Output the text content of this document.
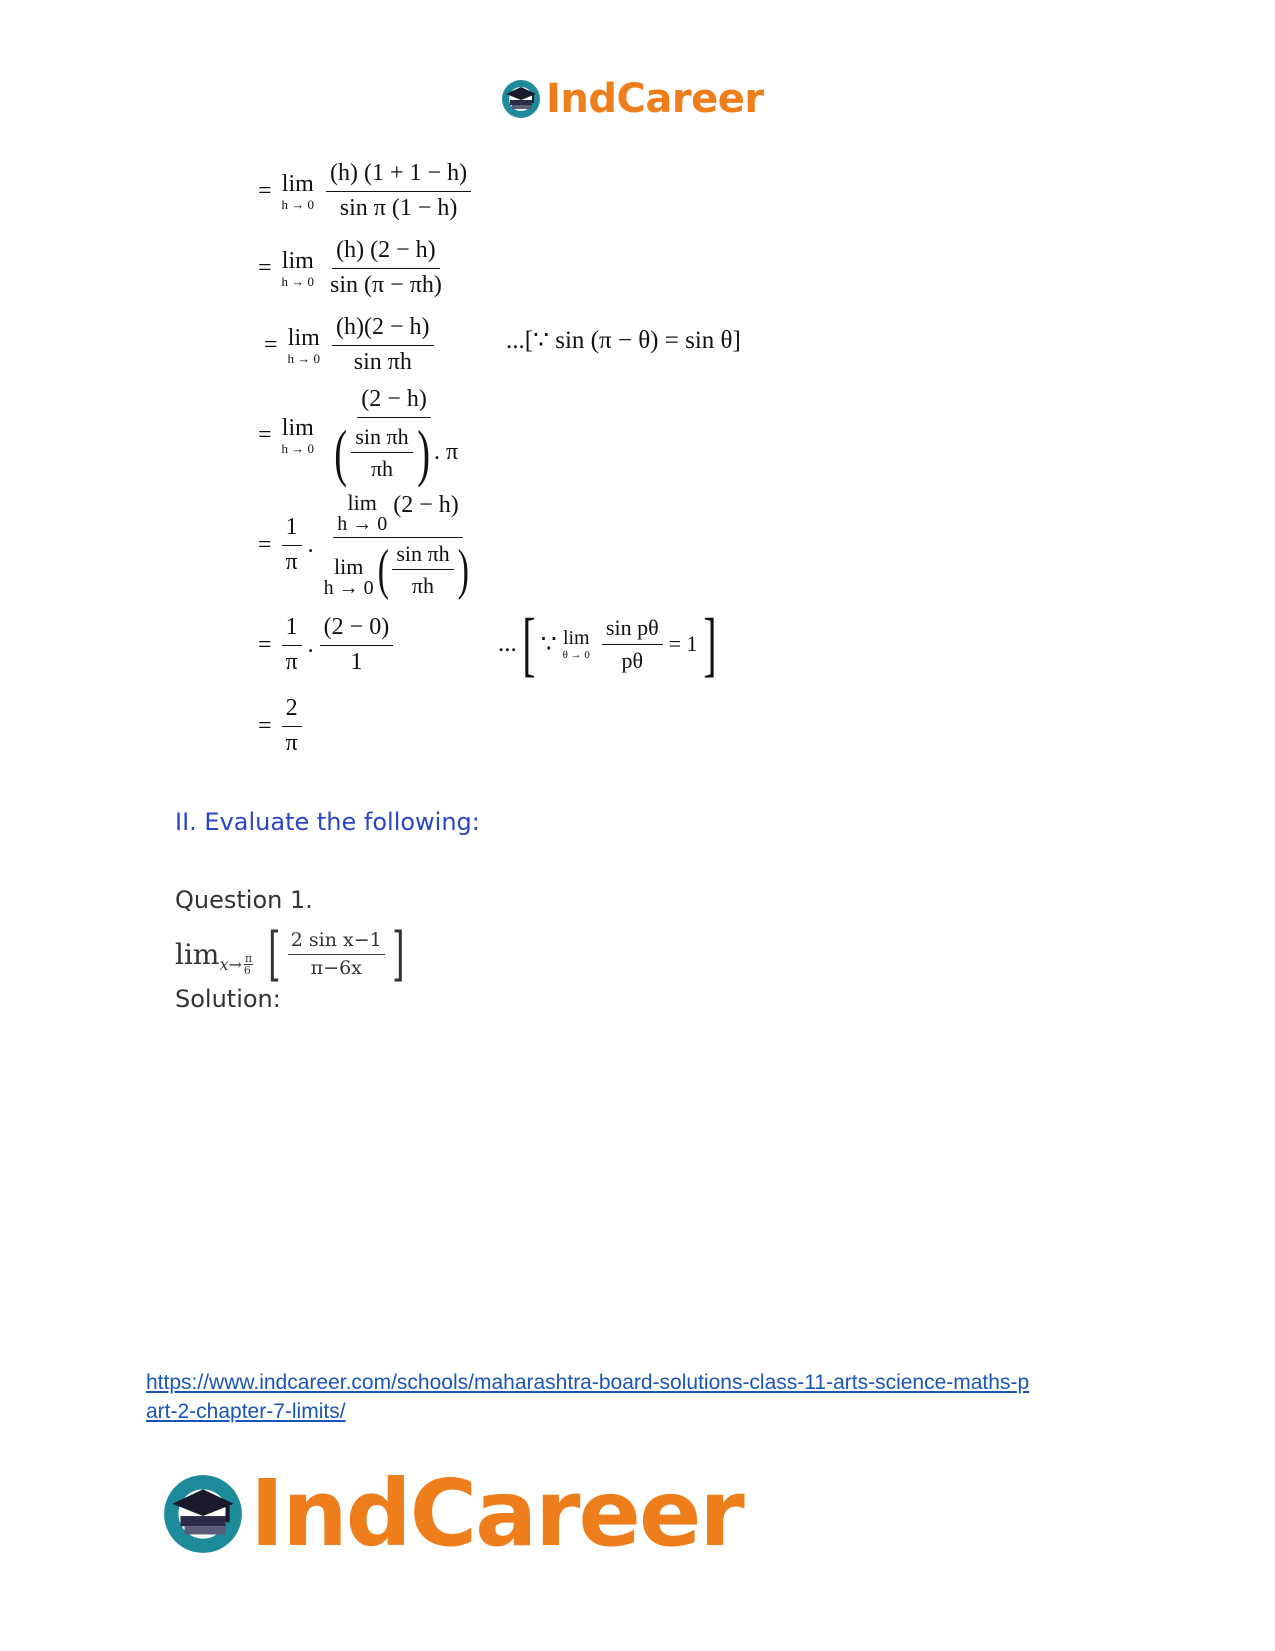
IndCareer
= lim
$h \to 0 \frac{(h) (1 + 1 - h)}{\text{sin π (1 − h)}}$
= lim
$h \to 0 \frac{(h) (2 - h)}{\sin (\pi - \pi h)}$
= lim
$h \to 0 \frac{(h)(2 - h)}{\text{sin πh}}$	...[∵ sin (π − θ) = sin θ]
= lim
h → 0
(2 − h)
( $\frac{\text{sin πh}}{\pi h}$ ) . π
= $\frac{1}{\pi}$ .
lim
h → 0
(2 − h)
lim
h → 0 ( $\frac{\text{sin πh}}{\pi h}$ )
= $\frac{1}{\pi}$ . $\frac{(2 - 0)}{1}$	... [ ∵ lim
$\theta \to 0 \frac{\text{sin pθ}}{p\theta} = 1$ ]
= $\frac{2}{\pi}$
II. Evaluate the following:
Question 1.
lim x→ π
6 [ 2 sin x−1
π−6x ]
Solution:
https://www.indcareer.com/schools/maharashtra-board-solutions-class-11-arts-science-maths-p
art-2-chapter-7-limits/
IndCareer
